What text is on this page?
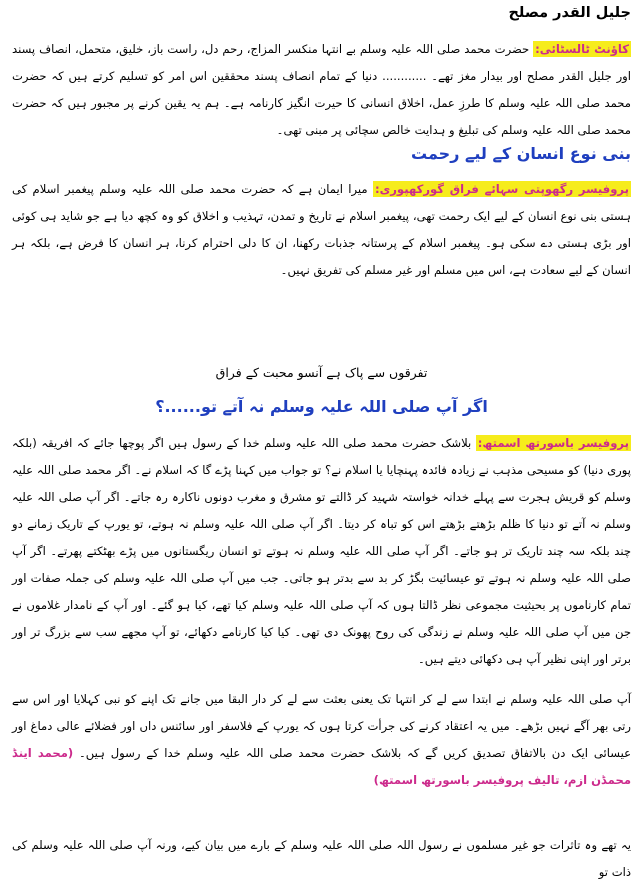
جلیل القدر مصلح
کاؤنٹ ٹالسٹائی: حضرت محمد صلی اللہ علیہ وسلم بے انتہا منکسر المزاج، رحم دل، راست باز، خلیق، متحمل، انصاف پسند اور جلیل القدر مصلح اور بیدار مغز تھے۔ ............ دنیا کے تمام انصاف پسند محققین اس امر کو تسلیم کرتے ہیں کہ حضرت محمد صلی اللہ علیہ وسلم کا طرزِ عمل، اخلاق انسانی کا حیرت انگیز کارنامہ ہے۔ ہم یہ یقین کرنے پر مجبور ہیں کہ حضرت محمد صلی اللہ علیہ وسلم کی تبلیغ و ہدایت خالص سچائی پر مبنی تھی۔
بنی نوع انسان کے لیے رحمت
پروفیسر رگھوپتی سہائے فراق گورکھپوری: میرا ایمان ہے کہ حضرت محمد صلی اللہ علیہ وسلم پیغمبر اسلام کی ہستی بنی نوع انسان کے لیے ایک رحمت تھی، پیغمبر اسلام نے تاریخ و تمدن، تہذیب و اخلاق کو وہ کچھ دیا ہے جو شاید ہی کوئی اور بڑی ہستی دے سکی ہو۔ پیغمبر اسلام کے پرستانہ جذبات رکھنا، ان کا دلی احترام کرنا، ہر انسان کا فرض ہے، بلکہ ہر انسان کے لیے سعادت ہے، اس میں مسلم اور غیر مسلم کی تفریق نہیں۔
تفرقوں سے پاک ہے آنسو محبت کے فراق
اگر آپ صلی اللہ علیہ وسلم نہ آتے تو......؟
پروفیسر باسورتھ اسمتھ: بلاشک حضرت محمد صلی اللہ علیہ وسلم خدا کے رسول ہیں اگر پوچھا جائے کہ افریقہ (بلکہ پوری دنیا) کو مسیحی مذہب نے زیادہ فائدہ پہنچایا یا اسلام نے؟ تو جواب میں کہنا پڑے گا کہ اسلام نے۔ اگر محمد صلی اللہ علیہ وسلم کو قریش ہجرت سے پہلے خدانہ خواستہ شہید کر ڈالتے تو مشرق و مغرب دونوں ناکارہ رہ جاتے۔ اگر آپ صلی اللہ علیہ وسلم نہ آتے تو دنیا کا ظلم بڑھتے بڑھتے اس کو تباہ کر دیتا۔ اگر آپ صلی اللہ علیہ وسلم نہ ہوتے، تو یورپ کے تاریک زمانے دو چند بلکہ سہ چند تاریک تر ہو جاتے۔ اگر آپ صلی اللہ علیہ وسلم نہ ہوتے تو انسان ریگستانوں میں پڑے بھٹکتے پھرتے۔ اگر آپ صلی اللہ علیہ وسلم نہ ہوتے تو عیسائیت بگڑ کر بد سے بدتر ہو جاتی۔ جب میں آپ صلی اللہ علیہ وسلم کی جملہ صفات اور تمام کارناموں پر بحیثیت مجموعی نظر ڈالتا ہوں کہ آپ صلی اللہ علیہ وسلم کیا تھے، کیا ہو گئے۔ اور آپ کے نامدار غلاموں نے جن میں آپ صلی اللہ علیہ وسلم نے زندگی کی روح پھونک دی تھی۔ کیا کیا کارنامے دکھائے، تو آپ مجھے سب سے بزرگ تر اور برتر اور اپنی نظیر آپ ہی دکھائی دیتے ہیں۔
آپ صلی اللہ علیہ وسلم نے ابتدا سے لے کر انتہا تک یعنی بعثت سے لے کر دار البقا میں جانے تک اپنے کو نبی کہلایا اور اس سے رتی بھر آگے نہیں بڑھے۔ میں یہ اعتقاد کرنے کی جرأت کرتا ہوں کہ یورپ کے فلاسفر اور سائنس داں اور فضلائے عالی دماغ اور عیسائی ایک دن بالاتفاق تصدیق کریں گے کہ بلاشک حضرت محمد صلی اللہ علیہ وسلم خدا کے رسول ہیں۔ (محمد اینڈ محمڈن ازم، تالیف پروفیسر باسورتھ اسمتھ)
یہ تھے وہ تاثرات جو غیر مسلموں نے رسول اللہ صلی اللہ علیہ وسلم کے بارے میں بیان کیے، ورنہ آپ صلی اللہ علیہ وسلم کی ذات تو
